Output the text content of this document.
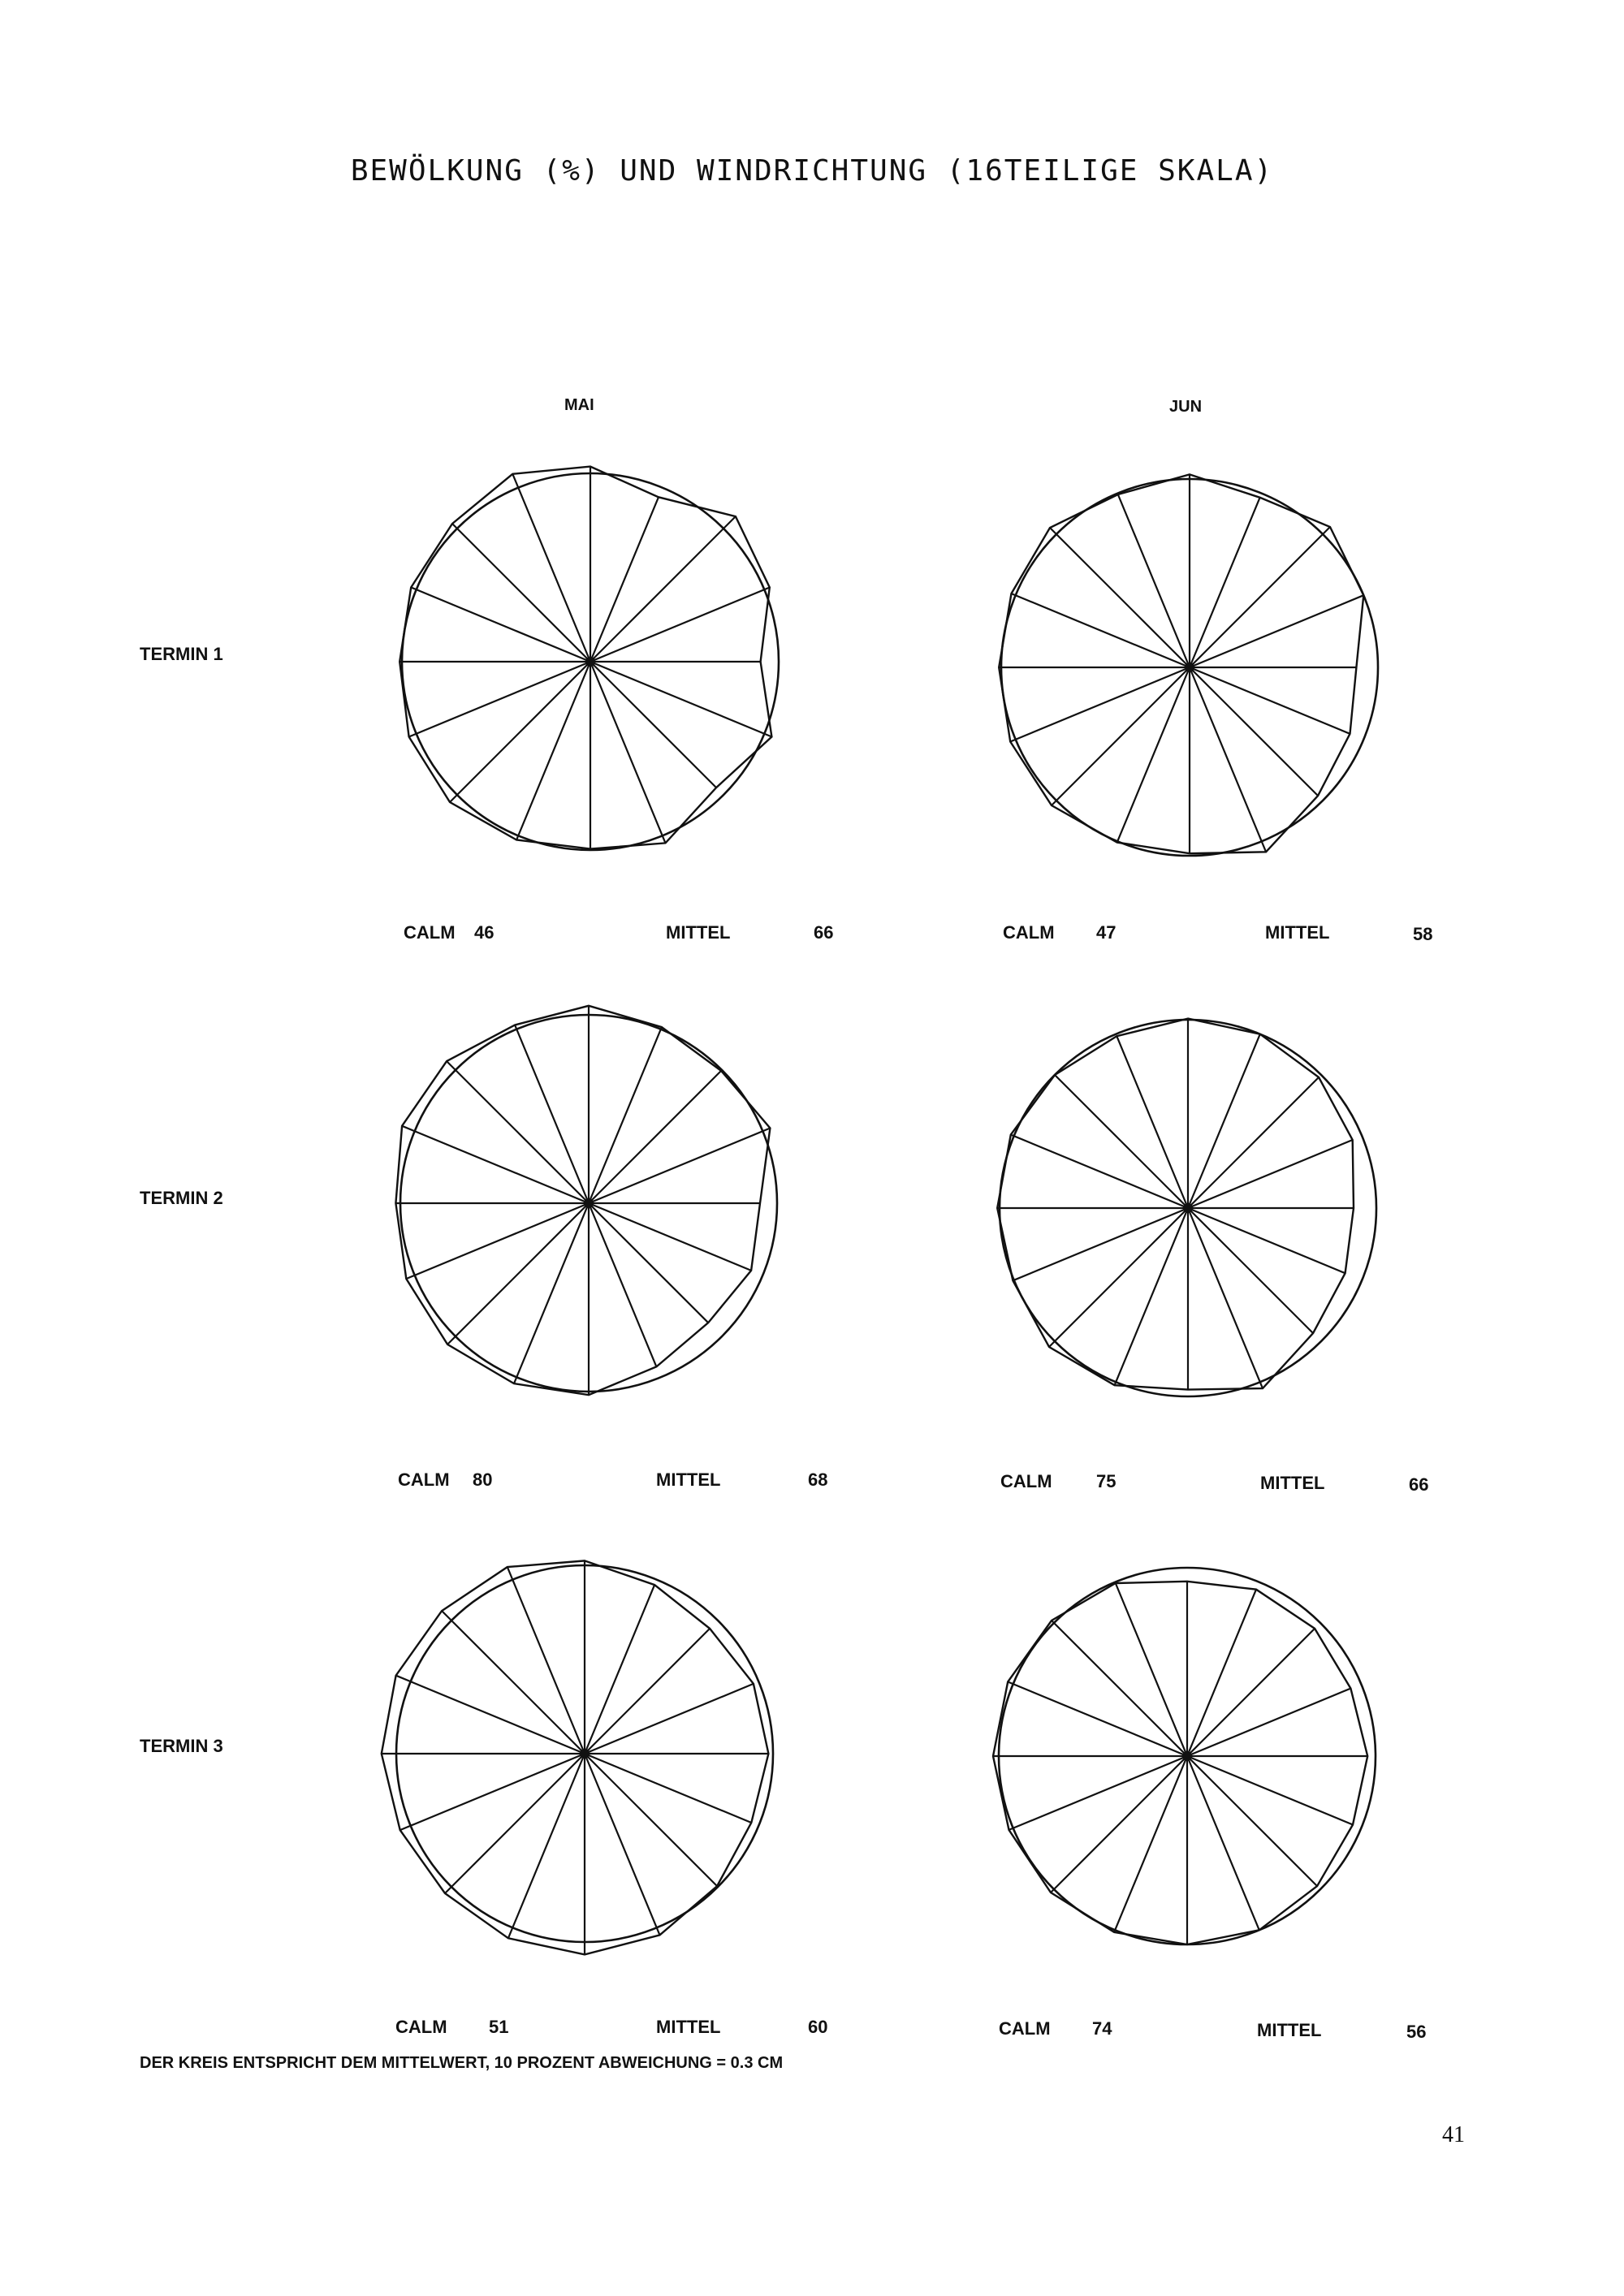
BEWÖLKUNG (%) UND WINDRICHTUNG (16TEILIGE SKALA)
MAI	JUN
TERMIN 1
TERMIN 2
TERMIN 3
CALM 46	MITTEL	66	CALM 47	MITTEL	58
CALM 80	MITTEL	68	CALM 75	MITTEL	66
CALM 51	MITTEL	60	CALM 74	MITTEL	56
DER KREIS ENTSPRICHT DEM MITTELWERT, 10 PROZENT ABWEICHUNG = 0.3 CM
41
